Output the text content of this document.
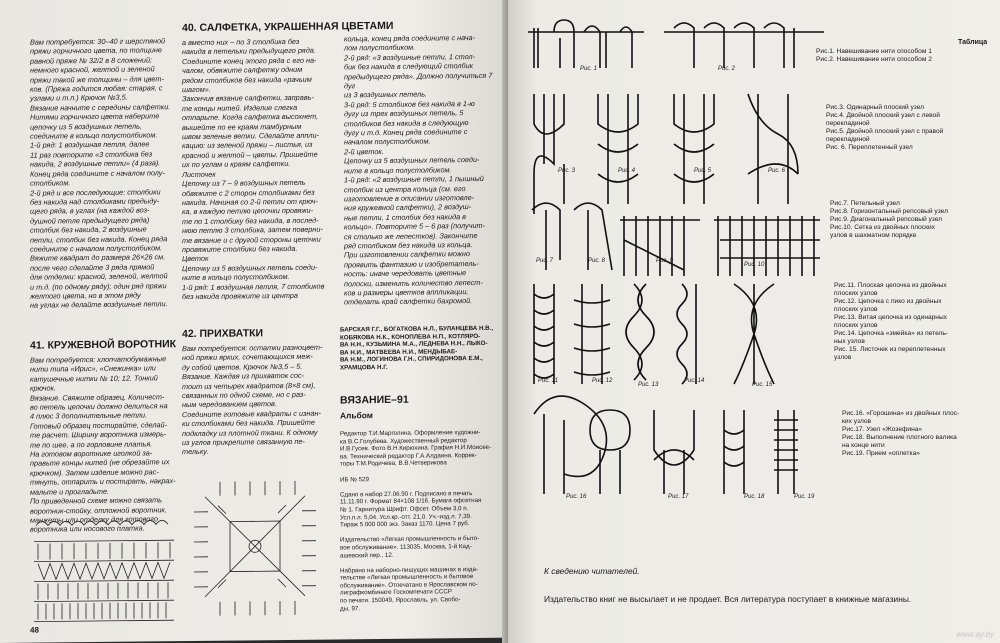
40. САЛФЕТКА, УКРАШЕННАЯ ЦВЕТАМИ
Вам потребуется: 30–40 г шерстяной
пряжи горчичного цвета, по толщине
равной пряже № 32/2 в 8 сложений;
немного красной, желтой и зеленой
пряжи такой же толщины – для цвет-
ков. (Пряжа годится любая: старая, с
узлами и т.п.) Крючок №3,5.
Вязание начните с середины салфетки.
Нитями горчичного цвета наберите
цепочку из 5 воздушных петель,
соедините в кольцо полустолбиком.
1-й ряд: 1 воздушная петля, далее
11 раз повторите «3 столбика без
накида, 2 воздушные петли» (4 раза).
Конец ряда соедините с началом полу-
столбиком.
2-й ряд и все последующие: столбики
без накида над столбиками предыду-
щего ряда, в углах (на каждой воз-
душной петле предыдущего ряда)
столбик без накида, 2 воздушные
петли, столбик без накида. Конец ряда
соедините с началом полустолбиком.
Вяжите квадрат до размера 26×26 см.
после чего сделайте 3 ряда прямой
для отделки: красной, зеленой, желтой
и т.д. (по одному ряду); один ряд пряжи
желтого цвета, но в этом ряду
на углах не делайте воздушные петли.
а вместо них – по 3 столбика без
накида в петельки предыдущего ряда.
Соедините конец этого ряда с его на-
чалом, обвяжите салфетку одним
рядом столбиков без накида «рачьим
шагом».
Закончив вязание салфетки, заправь-
те концы нитей. Изделие слегка
отпарьте. Когда салфетка высохнет,
вышейте по ее краям тамбурным
швом зеленые ветки. Сделайте аппли-
кацию: из зеленой пряжи – листья, из
красной и желтой – цветы. Пришейте
их по углам и краям салфетки.
Листочек
Цепочку из 7 – 9 воздушных петель
обвяжите с 2 сторон столбиками без
накида. Начиная со 2-й петли от крюч-
ка, в каждую петлю цепочки провяжи-
те по 1 столбику без накида, в послед-
нюю петлю 3 столбика, затем поверни-
те вязание и с другой стороны цепочки
провяжите столбики без накида.
Цветок
Цепочку из 5 воздушных петель соеди-
ните в кольцо полустолбиком.
1-й ряд: 1 воздушная петля, 7 столбиков
без накида провяжите из центра
кольца, конец ряда соедините с нача-
лом полустолбиком.
2-й ряд: «3 воздушные петли, 1 стол-
бик без накида в следующий столбик
предыдущего ряда». Должно получиться 7 дуг
из 3 воздушных петель.
3-й ряд: 5 столбиков без накида в 1-ю
дугу из трех воздушных петель, 5
столбиков без накида в следующую
дугу и т.д. Конец ряда соедините с
началом полустолбиком.
2-й цветок.
Цепочку из 5 воздушных петель соеди-
ните в кольцо полустолбиком.
1-й ряд: «2 воздушные петли, 1 пышный
столбик из центра кольца (см. его
изготовление в описании изготовле-
ния кружевной салфетки), 2 воздуш-
ные петли, 1 столбик без накида в
кольцо». Повторите 5 – 6 раз (получит-
ся столько же лепестков). Закончите
ряд столбиком без накида из кольца.
При изготовлении салфетки можно
проявить фантазию и изобретатель-
ность: иначе чередовать цветные
полоски, изменить количество лепест-
ков и размеры цветков аппликации,
отделать край салфетки бахромой.
41. КРУЖЕВНОЙ ВОРОТНИК
Вам потребуется: хлопчатобумажные
нити типа «Ирис», «Снежинка» или
катушечные нитки № 10; 12. Тонкий
крючок.
Вязание. Свяжите образец. Количест-
во петель цепочки должно делиться на
4 плюс 3 дополнительные петли.
Готовый образец постирайте, сделай-
те расчет. Ширину воротника измерь-
те по шее, а по горловине платья.
На готовом воротнике иголкой за-
правьте концы нитей (не обрезайте их
крючком). Затем изделие можно рас-
тянуть, отпарить и постирать, накрах-
мальте и прогладьте.
По приведенной схеме можно связать
воротник-стойку, отложной воротник,
манжеты или отделку для готового
воротника или носового платка.
48
42. ПРИХВАТКИ
Вам потребуется: остатки разноцвет-
ной пряжи ярких, сочетающихся меж-
ду собой цветов. Крючок №3,5 – 5.
Вязание. Каждая из прихваток сос-
тоит из четырех квадратов (8×8 см),
связанных по одной схеме, но с раз-
ным чередованием цветов.
Соедините готовые квадраты с изнан-
ки столбиками без накида. Пришейте
подкладку из плотной ткани. К одному
из углов прикрепите связанную пе-
тельку.
БАРСКАЯ Г.Г., БОГАТКОВА Н.Л., БУЛАНЦЕВА Н.В.,
КОБЯКОВА Н.К., КОНОПЛЕВА Н.П., КОТЛЯРО-
ВА Н.Н., КУЗЬМИНА М.А., ЛЕДНЕВА Н.Н., ЛЫКО-
ВА Н.И., МАТВЕЕВА Н.И., МЕНДЫБАЕ-
ВА Н.М., ЛОГИНОВА Г.Н., СПИРИДОНОВА Е.М.,
ХРАМЦОВА Н.Г.
ВЯЗАНИЕ–91
Альбом
Редактор Т.И.Марголина. Оформление художни-
ка В.С.Голубева. Художественный редактор
И.В.Гусев. Фото В.Н.Кирюхина. Графия Н.И.Моисее-
ва. Технический редактор Г.А.Алдаина. Коррек-
торы Т.М.Родичева, В.В.Четверикова

ИБ № 529

Сдано в набор 27.06.90 г. Подписано в печать
11.11.90 г. Формат 84×108 1/16. Бумага офсетная
№ 1. Гарнитура Шрифт. Офсет. Объем 3,0 п.
Усл.п.л. 5,04. Усл.кр.-отт. 21,0. Уч.-изд.л. 7,39.
Тираж 5 000 000 экз. Заказ 1170. Цена 7 руб.

Издательство «Легкая промышленность и быто-
вое обслуживание». 113035, Москва, 1-й Кад-
ашевский пер., 12.

Набрано на наборно-пишущих машинах в изда-
тельстве «Легкая промышленность и бытовое
обслуживание». Отпечатано в Ярославском по-
лиграфкомбинате Госкомпечати СССР
по печати. 150049, Ярославль, ул. Свобо-
ды, 97.
Таблица
Рис.1. Навешивание нити способом 1
Рис.2. Навешивание нити способом 2
Рис.3. Одинарный плоский узел
Рис.4. Двойной плоский узел с левой
перекладиной
Рис.5. Двойной плоский узел с правой
перекладиной
Рис. 6. Переплетенный узел
Рис.7. Петельный узел
Рис.8. Горизонтальный репсовый узел
Рис.9. Диагональный репсовый узел
Рис.10. Сетка из двойных плоских
узлов в шахматном порядке
Рис.11. Плоская цепочка из двойных
плоских узлов
Рис.12. Цепочка с пико из двойных
плоских узлов
Рис.13. Витая цепочка из одинарных
плоских узлов
Рис.14. Цепочка «змейка» из петель-
ных узлов
Рис. 15. Листочек из переплетенных
узлов
Рис.16. «Горошина» из двойных плос-
ких узлов
Рис.17. Узел «Жозефина»
Рис.18. Выполнение плотного валика
на конце нити
Рис.19. Прием «оплетка»
Рис. 1	Рис. 2
Рис. 3	Рис. 4	Рис. 5	Рис. 6
Рис. 7	Рис. 8	Рис. 9
Рис. 10
Рис. 11	Рис. 12
Рис. 13
Рис. 14
Рис. 15
Рис. 16	Рис. 17	Рис. 18	Рис. 19
К сведению читателей.
Издательство книг не высылает и не продает. Вся литература поступает в книжные магазины.
www.ay.by
